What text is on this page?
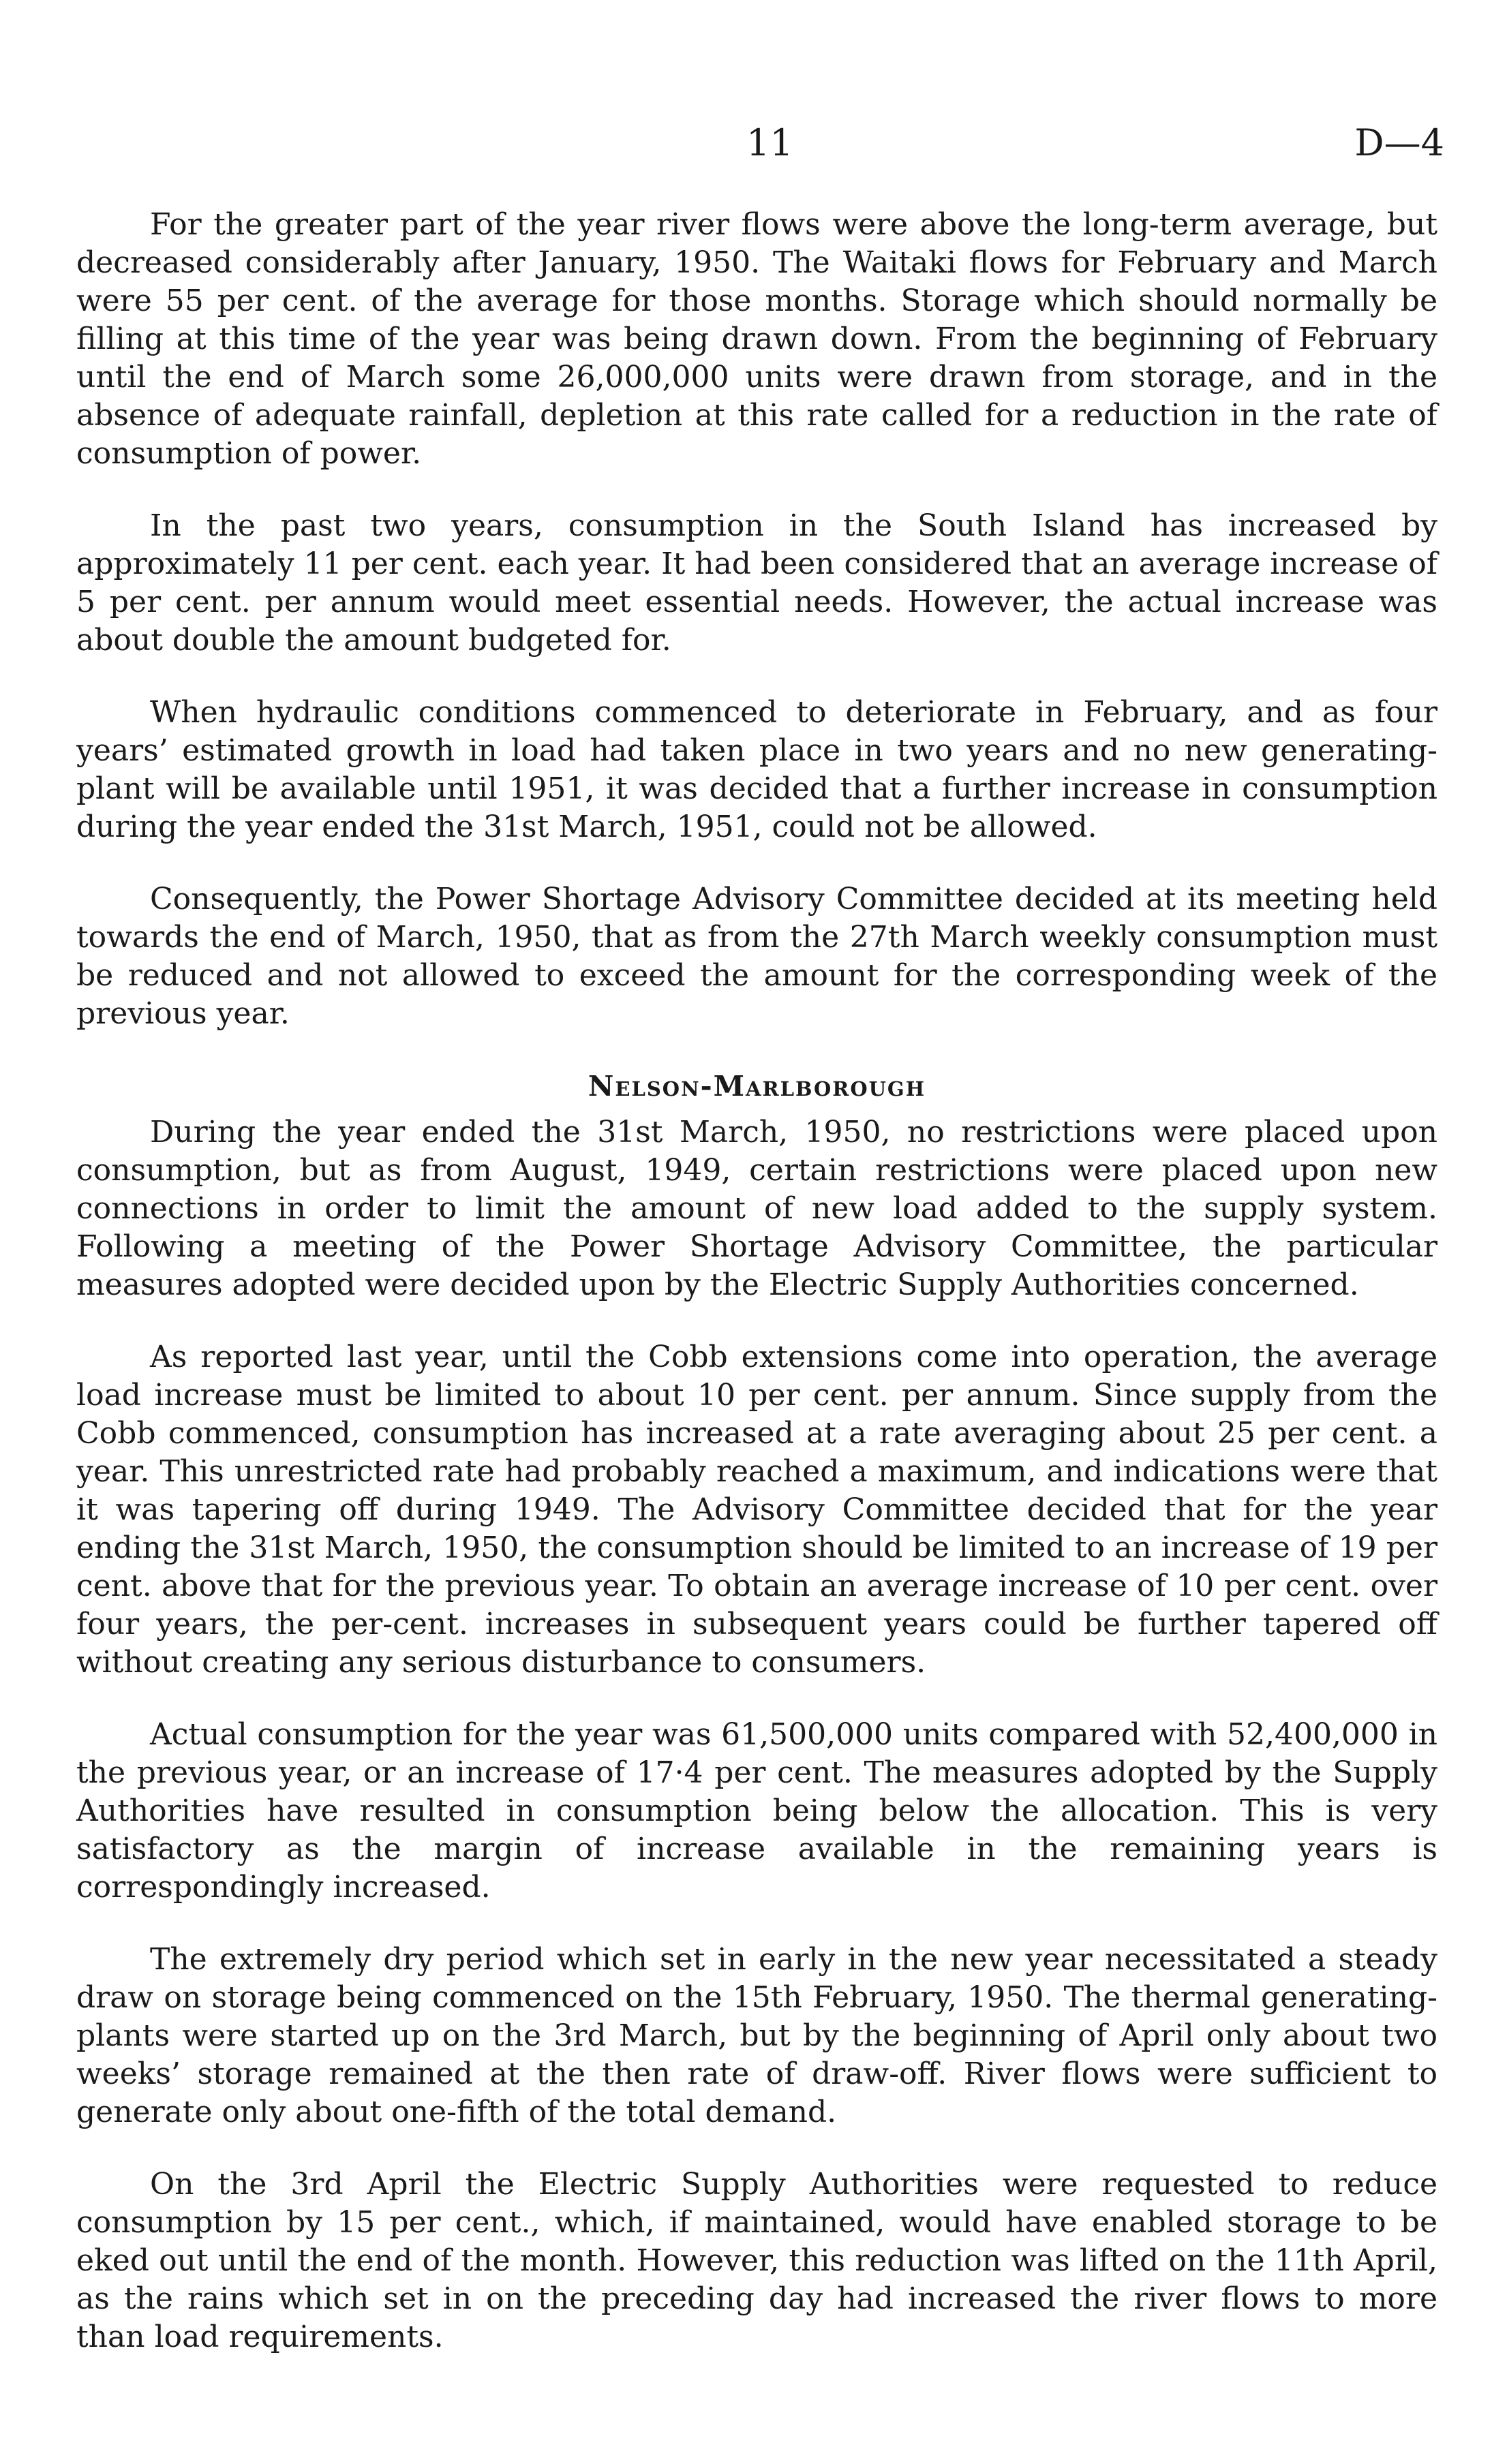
11	D—4

For the greater part of the year river flows were above the long-term average, but decreased considerably after January, 1950. The Waitaki flows for February and March were 55 per cent. of the average for those months. Storage which should normally be filling at this time of the year was being drawn down. From the beginning of February until the end of March some 26,000,000 units were drawn from storage, and in the absence of adequate rainfall, depletion at this rate called for a reduction in the rate of consumption of power.

In the past two years, consumption in the South Island has increased by approximately 11 per cent. each year. It had been considered that an average increase of 5 per cent. per annum would meet essential needs. However, the actual increase was about double the amount budgeted for.

When hydraulic conditions commenced to deteriorate in February, and as four years’ estimated growth in load had taken place in two years and no new generating-plant will be available until 1951, it was decided that a further increase in consumption during the year ended the 31st March, 1951, could not be allowed.

Consequently, the Power Shortage Advisory Committee decided at its meeting held towards the end of March, 1950, that as from the 27th March weekly consumption must be reduced and not allowed to exceed the amount for the corresponding week of the previous year.

Nelson-Marlborough

During the year ended the 31st March, 1950, no restrictions were placed upon consumption, but as from August, 1949, certain restrictions were placed upon new connections in order to limit the amount of new load added to the supply system. Following a meeting of the Power Shortage Advisory Committee, the particular measures adopted were decided upon by the Electric Supply Authorities concerned.

As reported last year, until the Cobb extensions come into operation, the average load increase must be limited to about 10 per cent. per annum. Since supply from the Cobb commenced, consumption has increased at a rate averaging about 25 per cent. a year. This unrestricted rate had probably reached a maximum, and indications were that it was tapering off during 1949. The Advisory Committee decided that for the year ending the 31st March, 1950, the consumption should be limited to an increase of 19 per cent. above that for the previous year. To obtain an average increase of 10 per cent. over four years, the per-cent. increases in subsequent years could be further tapered off without creating any serious disturbance to consumers.

Actual consumption for the year was 61,500,000 units compared with 52,400,000 in the previous year, or an increase of 17·4 per cent. The measures adopted by the Supply Authorities have resulted in consumption being below the allocation. This is very satisfactory as the margin of increase available in the remaining years is correspondingly increased.

The extremely dry period which set in early in the new year necessitated a steady draw on storage being commenced on the 15th February, 1950. The thermal generating-plants were started up on the 3rd March, but by the beginning of April only about two weeks’ storage remained at the then rate of draw-off. River flows were sufficient to generate only about one-fifth of the total demand.

On the 3rd April the Electric Supply Authorities were requested to reduce consumption by 15 per cent., which, if maintained, would have enabled storage to be eked out until the end of the month. However, this reduction was lifted on the 11th April, as the rains which set in on the preceding day had increased the river flows to more than load requirements.
